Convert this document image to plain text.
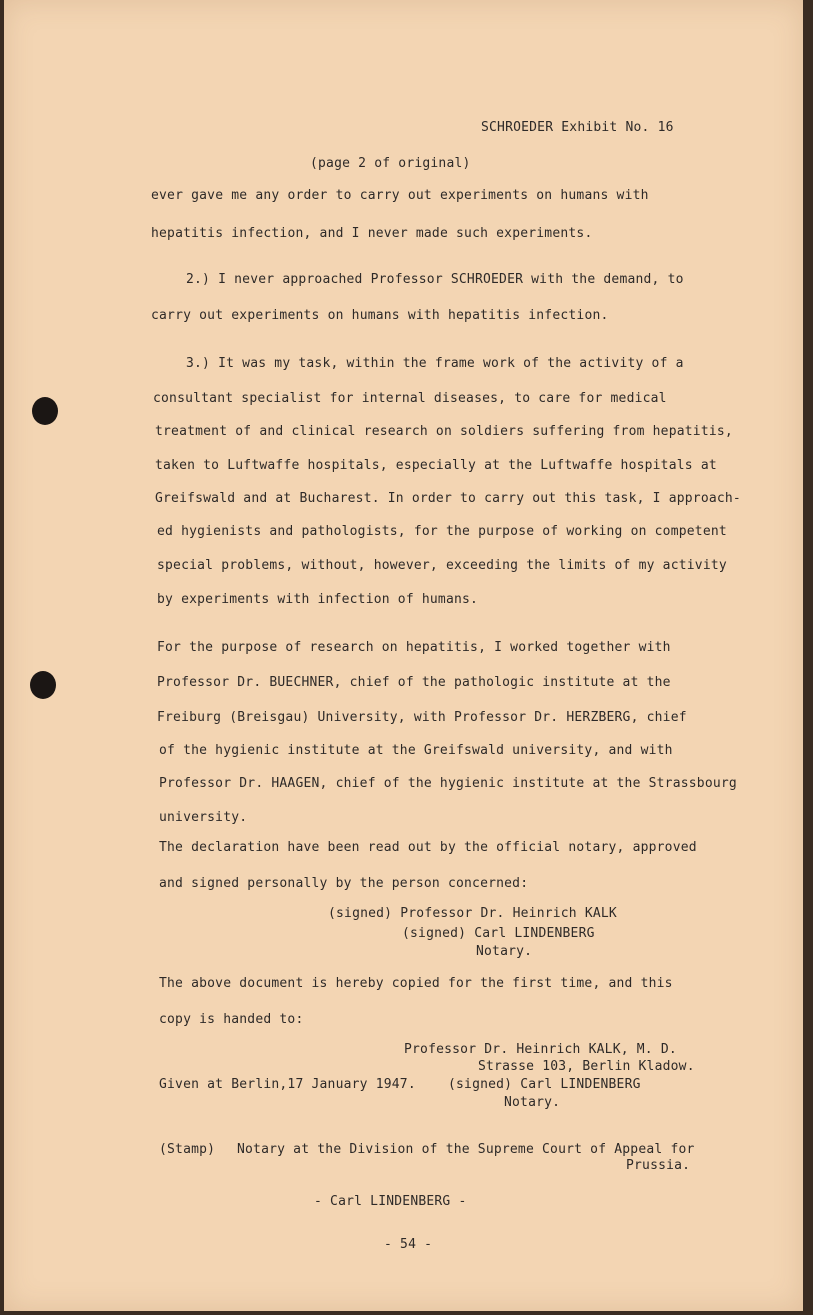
SCHROEDER Exhibit No. 16
(page 2 of original)
ever gave me any order to carry out experiments on humans with
hepatitis infection, and I never made such experiments.
2.) I never approached Professor SCHROEDER with the demand, to
carry out experiments on humans with hepatitis infection.
3.) It was my task, within the frame work of the activity of a
consultant specialist for internal diseases, to care for medical
treatment of and clinical research on soldiers suffering from hepatitis,
taken to Luftwaffe hospitals, especially at the Luftwaffe hospitals at
Greifswald and at Bucharest. In order to carry out this task, I approach-
ed hygienists and pathologists, for the purpose of working on competent
special problems, without, however, exceeding the limits of my activity
by experiments with infection of humans.
For the purpose of research on hepatitis, I worked together with
Professor Dr. BUECHNER, chief of the pathologic institute at the
Freiburg (Breisgau) University, with Professor Dr. HERZBERG, chief
of the hygienic institute at the Greifswald university, and with
Professor Dr. HAAGEN, chief of the hygienic institute at the Strassbourg
university.
The declaration have been read out by the official notary, approved
and signed personally by the person concerned:
(signed) Professor Dr. Heinrich KALK
(signed) Carl LINDENBERG
Notary.
The above document is hereby copied for the first time, and this
copy is handed to:
Professor Dr. Heinrich KALK, M. D.
Strasse 103, Berlin Kladow.
Given at Berlin,17 January 1947. (signed) Carl LINDENBERG
Notary.
(Stamp) Notary at the Division of the Supreme Court of Appeal for
Prussia.
- Carl LINDENBERG -
- 54 -
